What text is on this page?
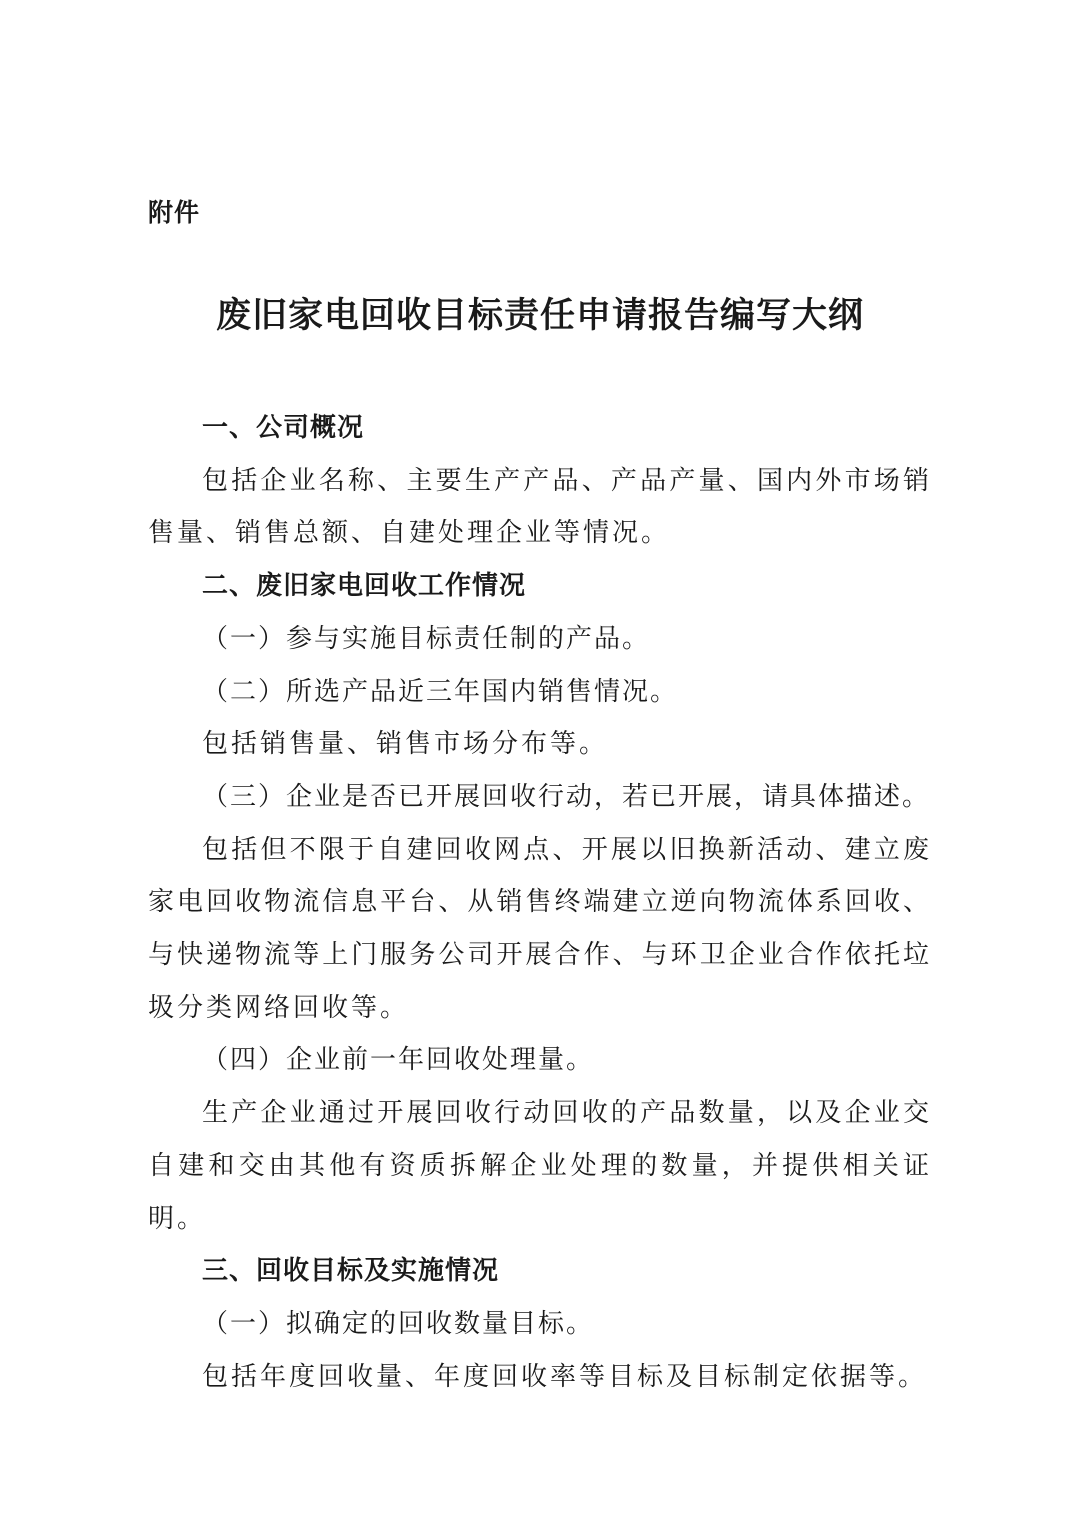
附件
废旧家电回收目标责任申请报告编写大纲

一、公司概况

包括企业名称、主要生产产品、产品产量、国内外市场销售量、销售总额、自建处理企业等情况。

二、废旧家电回收工作情况

（一）参与实施目标责任制的产品。

（二）所选产品近三年国内销售情况。

包括销售量、销售市场分布等。

（三）企业是否已开展回收行动，若已开展，请具体描述。

包括但不限于自建回收网点、开展以旧换新活动、建立废家电回收物流信息平台、从销售终端建立逆向物流体系回收、与快递物流等上门服务公司开展合作、与环卫企业合作依托垃圾分类网络回收等。

（四）企业前一年回收处理量。

生产企业通过开展回收行动回收的产品数量，以及企业交自建和交由其他有资质拆解企业处理的数量，并提供相关证明。

三、回收目标及实施情况

（一）拟确定的回收数量目标。

包括年度回收量、年度回收率等目标及目标制定依据等。
